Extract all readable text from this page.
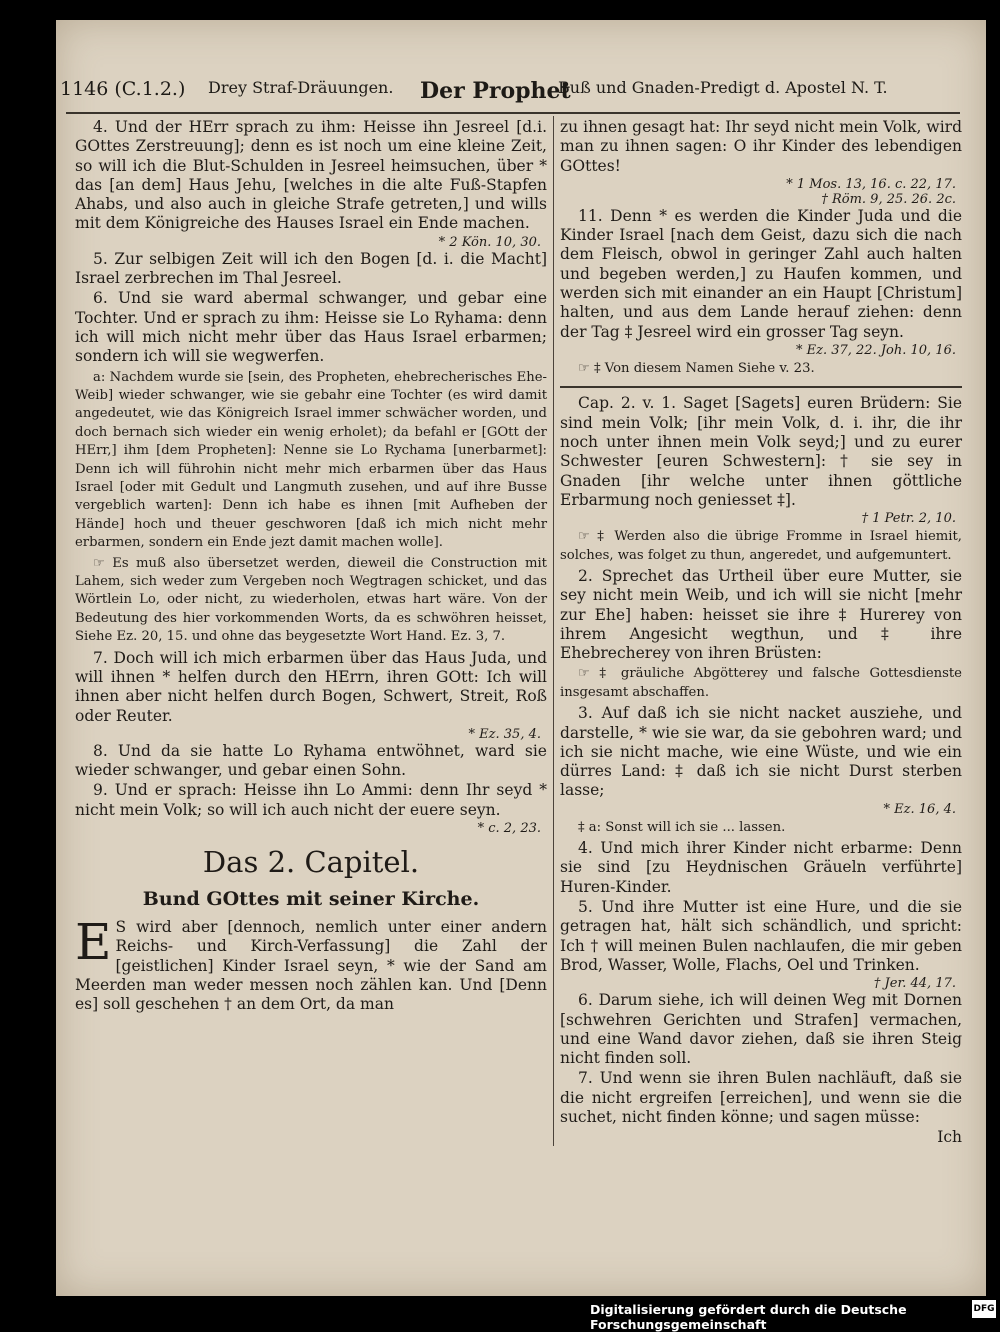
1146 (C.1.2.) Drey Straf-Dräuungen. Der Prophet
Buß und Gnaden-Predigt d. Apostel N. T.

4. Und der HErr sprach zu ihm: Heisse ihn Jesreel [d.i. GOttes Zerstreuung]; denn es ist noch um eine kleine Zeit, so will ich die Blut-Schulden in Jesreel heimsuchen, über * das [an dem] Haus Jehu, [welches in die alte Fuß-Stapfen Ahabs, und also auch in gleiche Strafe getreten,] und wills mit dem Königreiche des Hauses Israel ein Ende machen.

* 2 Kön. 10, 30.

5. Zur selbigen Zeit will ich den Bogen [d. i. die Macht] Israel zerbrechen im Thal Jesreel.

6. Und sie ward abermal schwanger, und gebar eine Tochter. Und er sprach zu ihm: Heisse sie Lo Ryhama: denn ich will mich nicht mehr über das Haus Israel erbarmen; sondern ich will sie wegwerfen.

a: Nachdem wurde sie [sein, des Propheten, ehebrecherisches Ehe-Weib] wieder schwanger, wie sie gebahr eine Tochter (es wird damit angedeutet, wie das Königreich Israel immer schwächer worden, und doch bernach sich wieder ein wenig erholet); da befahl er [GOtt der HErr,] ihm [dem Propheten]: Nenne sie Lo Rychama [unerbarmet]: Denn ich will führohin nicht mehr mich erbarmen über das Haus Israel [oder mit Gedult und Langmuth zusehen, und auf ihre Busse vergeblich warten]: Denn ich habe es ihnen [mit Aufheben der Hände] hoch und theuer geschworen [daß ich mich nicht mehr erbarmen, sondern ein Ende jezt damit machen wolle].

☞ Es muß also übersetzet werden, dieweil die Construction mit Lahem, sich weder zum Vergeben noch Wegtragen schicket, und das Wörtlein Lo, oder nicht, zu wiederholen, etwas hart wäre. Von der Bedeutung des hier vorkommenden Worts, da es schwöhren heisset, Siehe Ez. 20, 15. und ohne das beygesetzte Wort Hand. Ez. 3, 7.

7. Doch will ich mich erbarmen über das Haus Juda, und will ihnen * helfen durch den HErrn, ihren GOtt: Ich will ihnen aber nicht helfen durch Bogen, Schwert, Streit, Roß oder Reuter.

* Ez. 35, 4.

8. Und da sie hatte Lo Ryhama entwöhnet, ward sie wieder schwanger, und gebar einen Sohn.

9. Und er sprach: Heisse ihn Lo Ammi: denn Ihr seyd * nicht mein Volk; so will ich auch nicht der euere seyn.

* c. 2, 23.
Das 2. Capitel.
Bund GOttes mit seiner Kirche.

E S wird aber [dennoch, nemlich unter einer andern Reichs- und Kirch-Verfassung] die Zahl der [geistlichen] Kinder Israel seyn, * wie der Sand am Meerden man weder messen noch zählen kan. Und [Denn es] soll geschehen † an dem Ort, da man

zu ihnen gesagt hat: Ihr seyd nicht mein Volk, wird man zu ihnen sagen: O ihr Kinder des lebendigen GOttes!

* 1 Mos. 13, 16. c. 22, 17.
† Röm. 9, 25. 26. 2c.

11. Denn * es werden die Kinder Juda und die Kinder Israel [nach dem Geist, dazu sich die nach dem Fleisch, obwol in geringer Zahl auch halten und begeben werden,] zu Haufen kommen, und werden sich mit einander an ein Haupt [Christum] halten, und aus dem Lande herauf ziehen: denn der Tag ‡ Jesreel wird ein grosser Tag seyn.

* Ez. 37, 22. Joh. 10, 16.

☞ ‡ Von diesem Namen Siehe v. 23.

Cap. 2. v. 1. Saget [Sagets] euren Brüdern: Sie sind mein Volk; [ihr mein Volk, d. i. ihr, die ihr noch unter ihnen mein Volk seyd;] und zu eurer Schwester [euren Schwestern]: † sie sey in Gnaden [ihr welche unter ihnen göttliche Erbarmung noch geniesset ‡].

† 1 Petr. 2, 10.

☞ ‡ Werden also die übrige Fromme in Israel hiemit, solches, was folget zu thun, angeredet, und aufgemuntert.

2. Sprechet das Urtheil über eure Mutter, sie sey nicht mein Weib, und ich will sie nicht [mehr zur Ehe] haben: heisset sie ihre ‡ Hurerey von ihrem Angesicht wegthun, und ‡ ihre Ehebrecherey von ihren Brüsten:

☞ ‡ gräuliche Abgötterey und falsche Gottesdienste insgesamt abschaffen.

3. Auf daß ich sie nicht nacket ausziehe, und darstelle, * wie sie war, da sie gebohren ward; und ich sie nicht mache, wie eine Wüste, und wie ein dürres Land: ‡ daß ich sie nicht Durst sterben lasse;

* Ez. 16, 4.

‡ a: Sonst will ich sie ... lassen.

4. Und mich ihrer Kinder nicht erbarme: Denn sie sind [zu Heydnischen Gräueln verführte] Huren-Kinder.

5. Und ihre Mutter ist eine Hure, und die sie getragen hat, hält sich schändlich, und spricht: Ich † will meinen Bulen nachlaufen, die mir geben Brod, Wasser, Wolle, Flachs, Oel und Trinken.

† Jer. 44, 17.

6. Darum siehe, ich will deinen Weg mit Dornen [schwehren Gerichten und Strafen] vermachen, und eine Wand davor ziehen, daß sie ihren Steig nicht finden soll.

7. Und wenn sie ihren Bulen nachläuft, daß sie die nicht ergreifen [erreichen], und wenn sie die suchet, nicht finden könne; und sagen müsse:

Ich
Digitalisierung gefördert durch die Deutsche Forschungsgemeinschaft
DFG
